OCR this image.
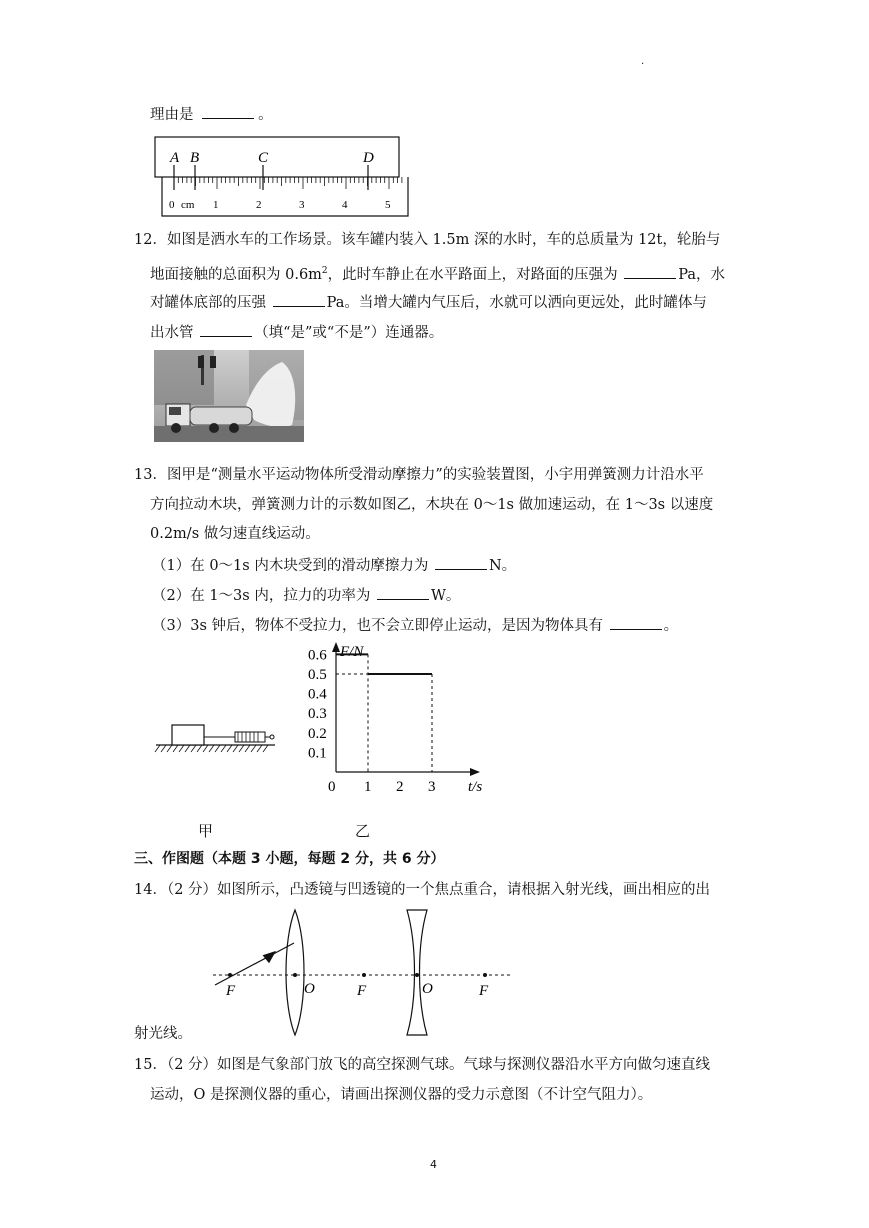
.
理由是	。
A B	C	D
0 cm 1	2	3	4	5
12．如图是洒水车的工作场景。该车罐内装入 1.5m 深的水时，车的总质量为 12t，轮胎与
地面接触的总面积为 $0.6m^2$，此时车静止在水平路面上，对路面的压强为	Pa，水
对罐体底部的压强	Pa。当增大罐内气压后，水就可以洒向更远处，此时罐体与
出水管	（填“是”或“不是”）连通器。
13．图甲是“测量水平运动物体所受滑动摩擦力”的实验装置图，小宇用弹簧测力计沿水平
方向拉动木块，弹簧测力计的示数如图乙，木块在 0～1s 做加速运动，在 1～3s 以速度
0.2m/s 做匀速直线运动。
（1）在 0～1s 内木块受到的滑动摩擦力为	N。
（2）在 1～3s 内，拉力的功率为	W。
（3）3s 钟后，物体不受拉力，也不会立即停止运动，是因为物体具有	。
F/N
t/s
0.1
0.2
0.3
0.4
0.5
0.6
0 1 2 3
甲	乙
三、作图题（本题 3 小题，每题 2 分，共 6 分）
14．（2 分）如图所示，凸透镜与凹透镜的一个焦点重合，请根据入射光线，画出相应的出
F	O	F	O	F
射光线。
15．（2 分）如图是气象部门放飞的高空探测气球。气球与探测仪器沿水平方向做匀速直线
运动，O 是探测仪器的重心，请画出探测仪器的受力示意图（不计空气阻力）。
4
